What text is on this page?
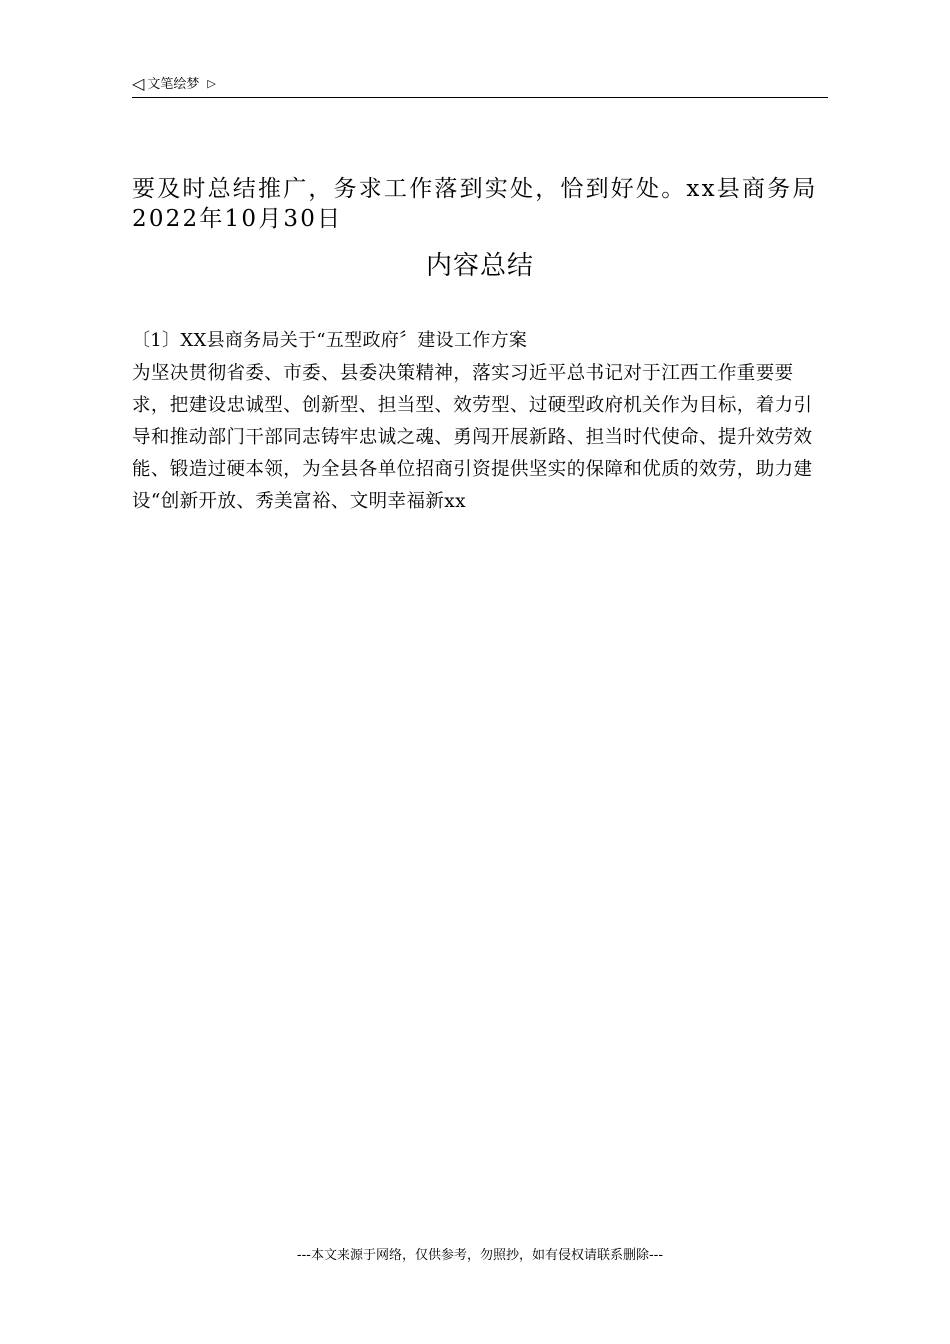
◁ 文笔绘梦 ▷
要及时总结推广，务求工作落到实处，恰到好处。xx县商务局2022年10月30日
内容总结
〔1〕XX县商务局关于“五型政府〞建设工作方案
为坚决贯彻省委、市委、县委决策精神，落实习近平总书记对于江西工作重要要求，把建设忠诚型、创新型、担当型、效劳型、过硬型政府机关作为目标，着力引导和推动部门干部同志铸牢忠诚之魂、勇闯开展新路、担当时代使命、提升效劳效能、锻造过硬本领，为全县各单位招商引资提供坚实的保障和优质的效劳，助力建设“创新开放、秀美富裕、文明幸福新xx
---本文来源于网络，仅供参考，勿照抄，如有侵权请联系删除---
